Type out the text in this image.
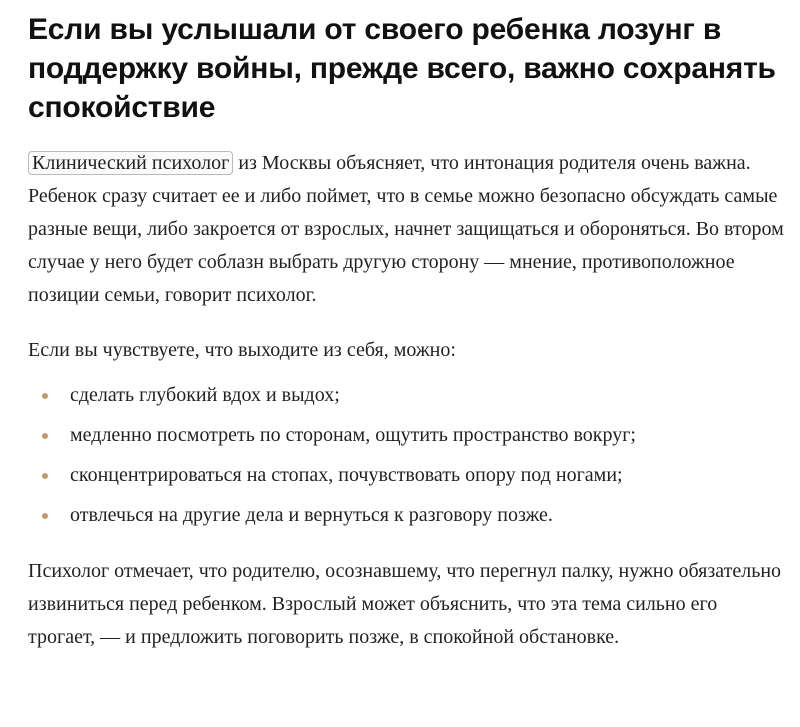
Если вы услышали от своего ребенка лозунг в поддержку войны, прежде всего, важно сохранять спокойствие

Клинический психолог из Москвы объясняет, что интонация родителя очень важна. Ребенок сразу считает ее и либо поймет, что в семье можно безопасно обсуждать самые разные вещи, либо закроется от взрослых, начнет защищаться и обороняться. Во втором случае у него будет соблазн выбрать другую сторону — мнение, противоположное позиции семьи, говорит психолог.

Если вы чувствуете, что выходите из себя, можно:

сделать глубокий вдох и выдох;
медленно посмотреть по сторонам, ощутить пространство вокруг;
сконцентрироваться на стопах, почувствовать опору под ногами;
отвлечься на другие дела и вернуться к разговору позже.

Психолог отмечает, что родителю, осознавшему, что перегнул палку, нужно обязательно извиниться перед ребенком. Взрослый может объяснить, что эта тема сильно его трогает, — и предложить поговорить позже, в спокойной обстановке.
